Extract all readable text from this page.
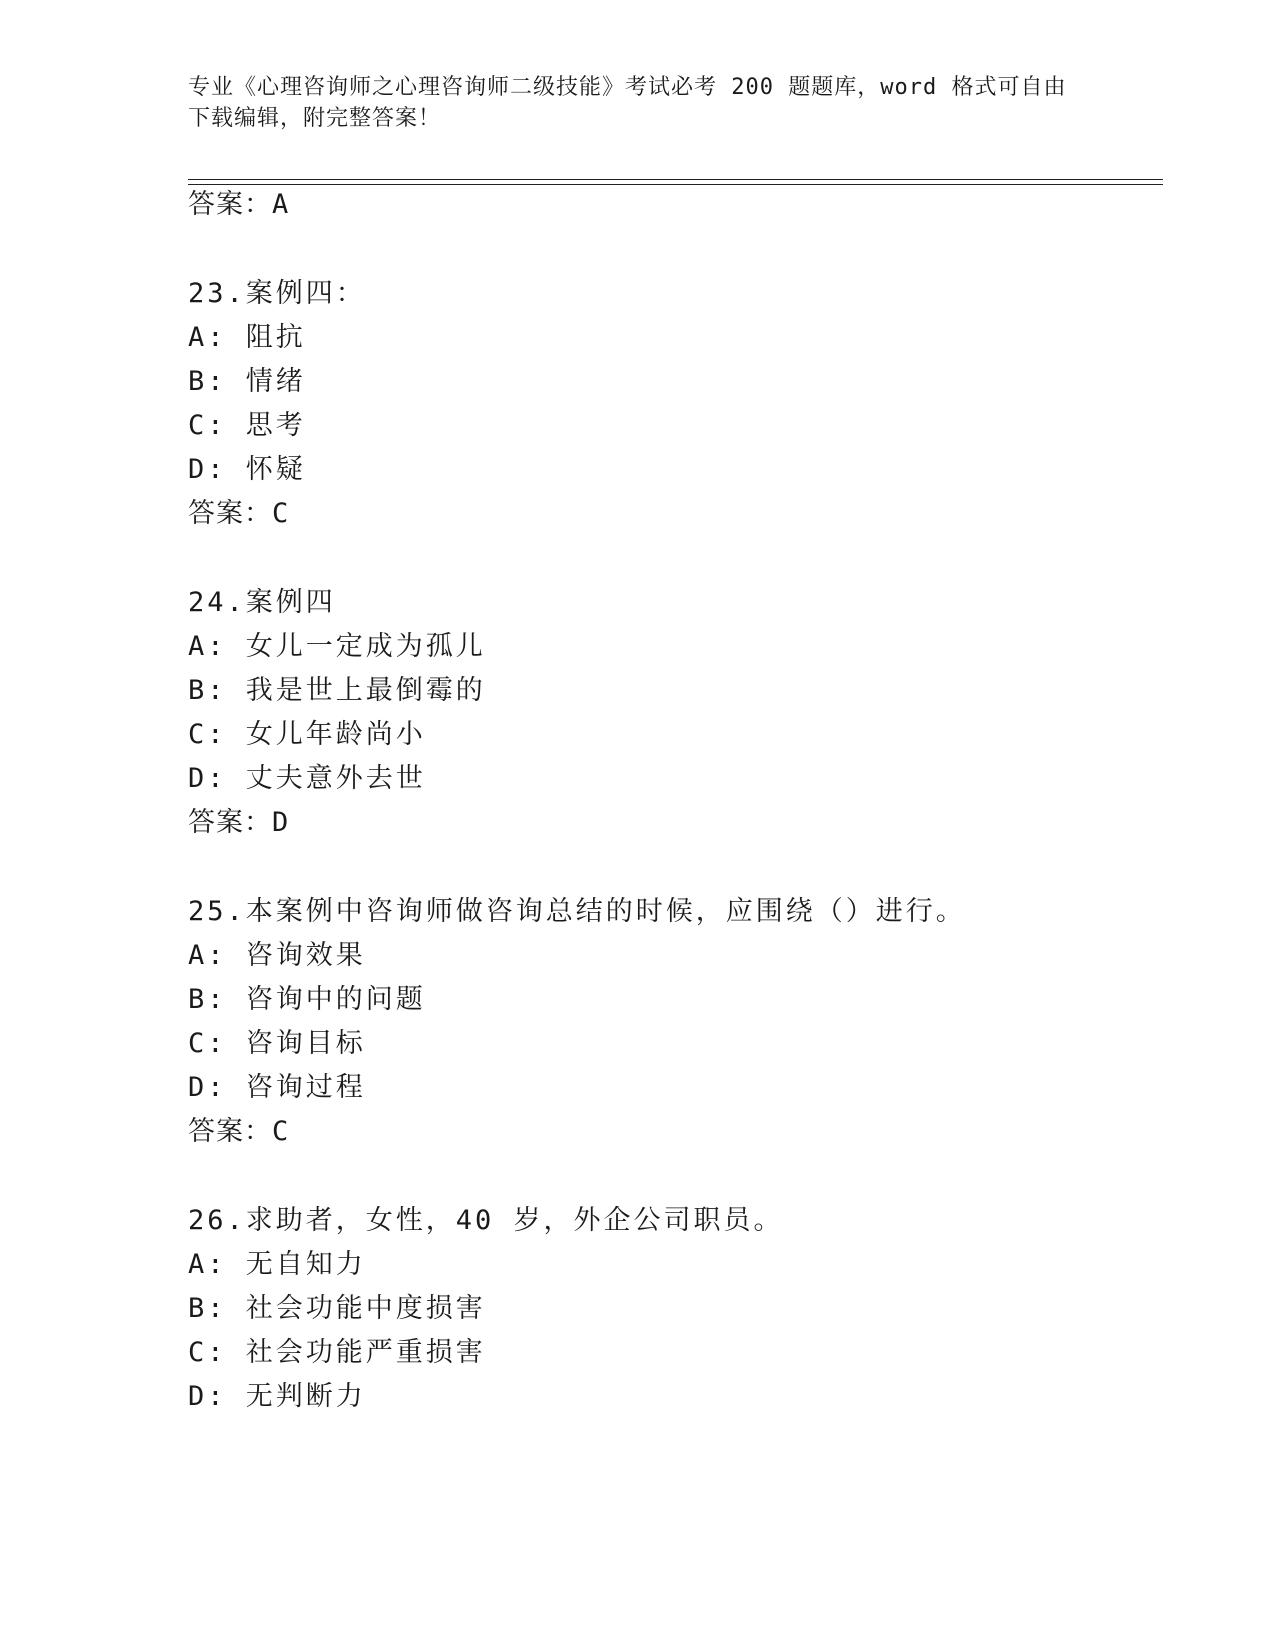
专业《心理咨询师之心理咨询师二级技能》考试必考 200 题题库，word 格式可自由下载编辑，附完整答案！
答案：A
23.案例四：
A: 阻抗
B: 情绪
C: 思考
D: 怀疑
答案：C
24.案例四
A: 女儿一定成为孤儿
B: 我是世上最倒霉的
C: 女儿年龄尚小
D: 丈夫意外去世
答案：D
25.本案例中咨询师做咨询总结的时候，应围绕（）进行。
A: 咨询效果
B: 咨询中的问题
C: 咨询目标
D: 咨询过程
答案：C
26.求助者，女性，40 岁，外企公司职员。
A: 无自知力
B: 社会功能中度损害
C: 社会功能严重损害
D: 无判断力
